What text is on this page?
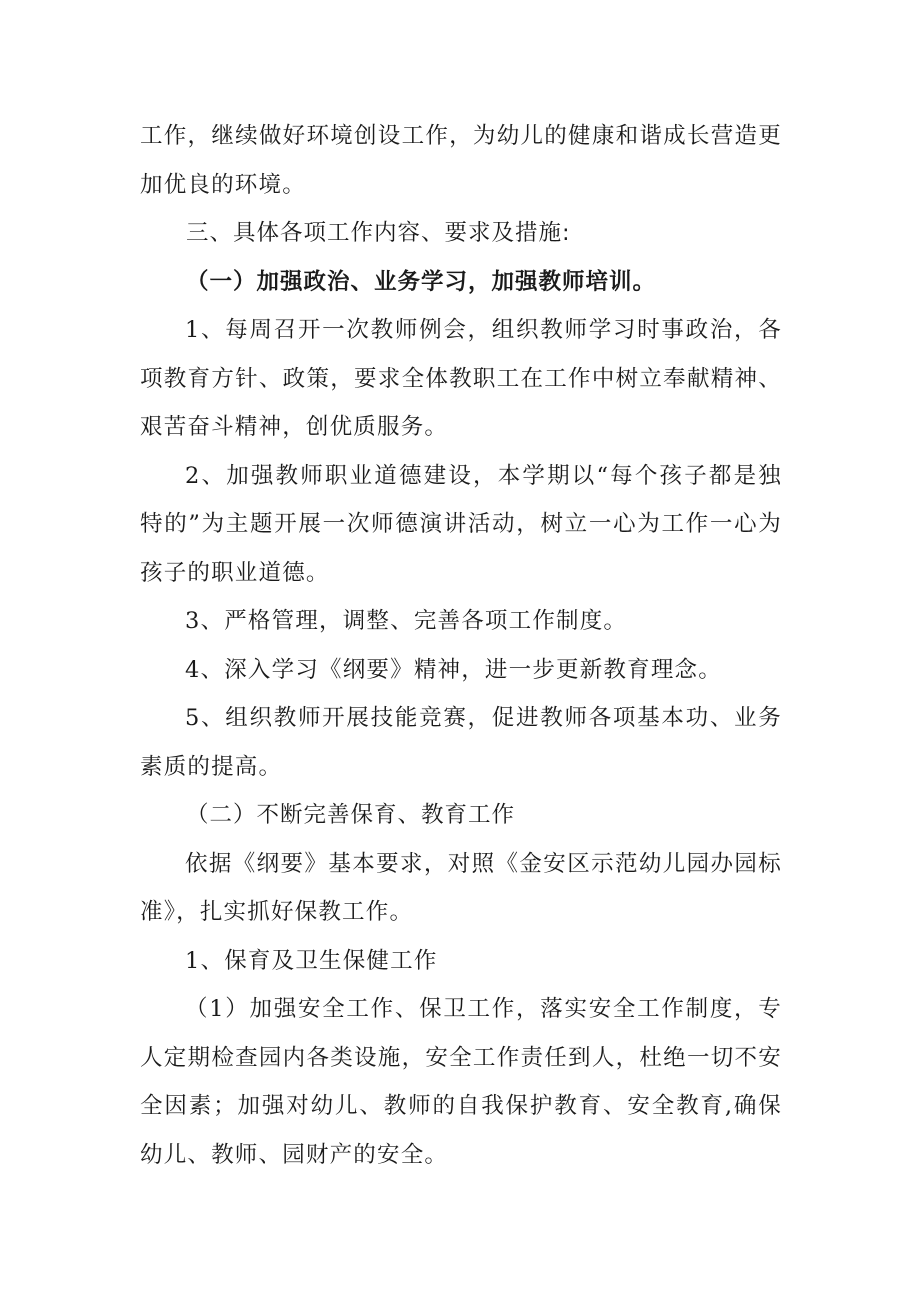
工作，继续做好环境创设工作，为幼儿的健康和谐成长营造更加优良的环境。

三、具体各项工作内容、要求及措施:

（一）加强政治、业务学习，加强教师培训。

1、每周召开一次教师例会，组织教师学习时事政治，各项教育方针、政策，要求全体教职工在工作中树立奉献精神、艰苦奋斗精神，创优质服务。

2、加强教师职业道德建设，本学期以“每个孩子都是独特的”为主题开展一次师德演讲活动，树立一心为工作一心为孩子的职业道德。

3、严格管理，调整、完善各项工作制度。

4、深入学习《纲要》精神，进一步更新教育理念。

5、组织教师开展技能竞赛，促进教师各项基本功、业务素质的提高。

（二）不断完善保育、教育工作

依据《纲要》基本要求，对照《金安区示范幼儿园办园标准》，扎实抓好保教工作。

1、保育及卫生保健工作

（1）加强安全工作、保卫工作，落实安全工作制度，专人定期检查园内各类设施，安全工作责任到人，杜绝一切不安全因素；加强对幼儿、教师的自我保护教育、安全教育,确保幼儿、教师、园财产的安全。
